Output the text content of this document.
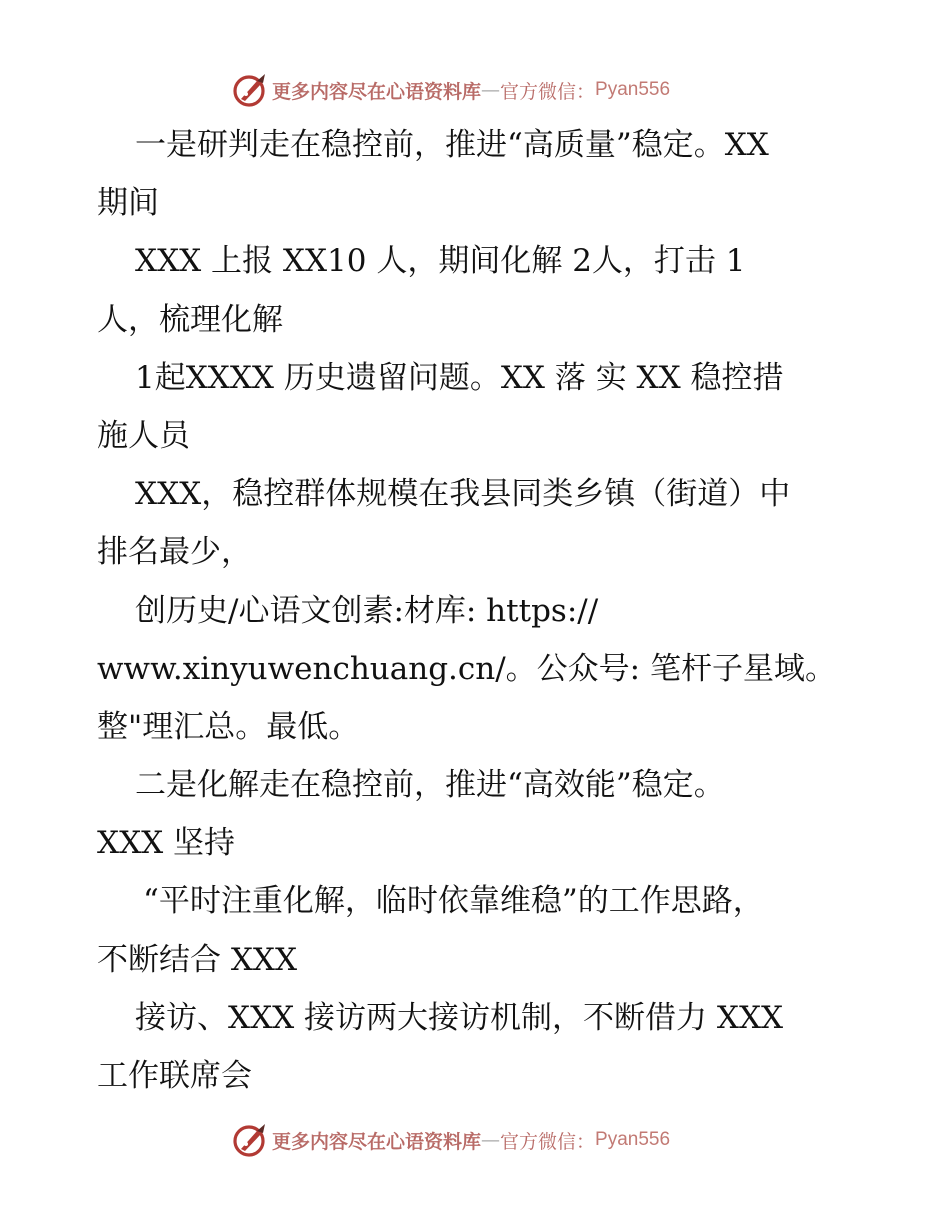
更多内容尽在心语资料库 — 官方微信： Pyan556
一是研判走在稳控前，推进“高质量”稳定。XX
期间
XXX 上报 XX10 人，期间化解 2人，打击 1
人，梳理化解
1起XXXX 历史遗留问题。XX 落 实 XX 稳控措
施人员
XXX，稳控群体规模在我县同类乡镇（街道）中
排名最少，
创历史/心语文创素:材库: https://
www.xinyuwenchuang.cn/。公众号: 笔杆子星域。
整"理汇总。最低。
二是化解走在稳控前，推进“高效能”稳定。
XXX 坚持
“平时注重化解，临时依靠维稳”的工作思路，
不断结合 XXX
接访、XXX 接访两大接访机制，不断借力 XXX
工作联席会
更多内容尽在心语资料库 — 官方微信： Pyan556
